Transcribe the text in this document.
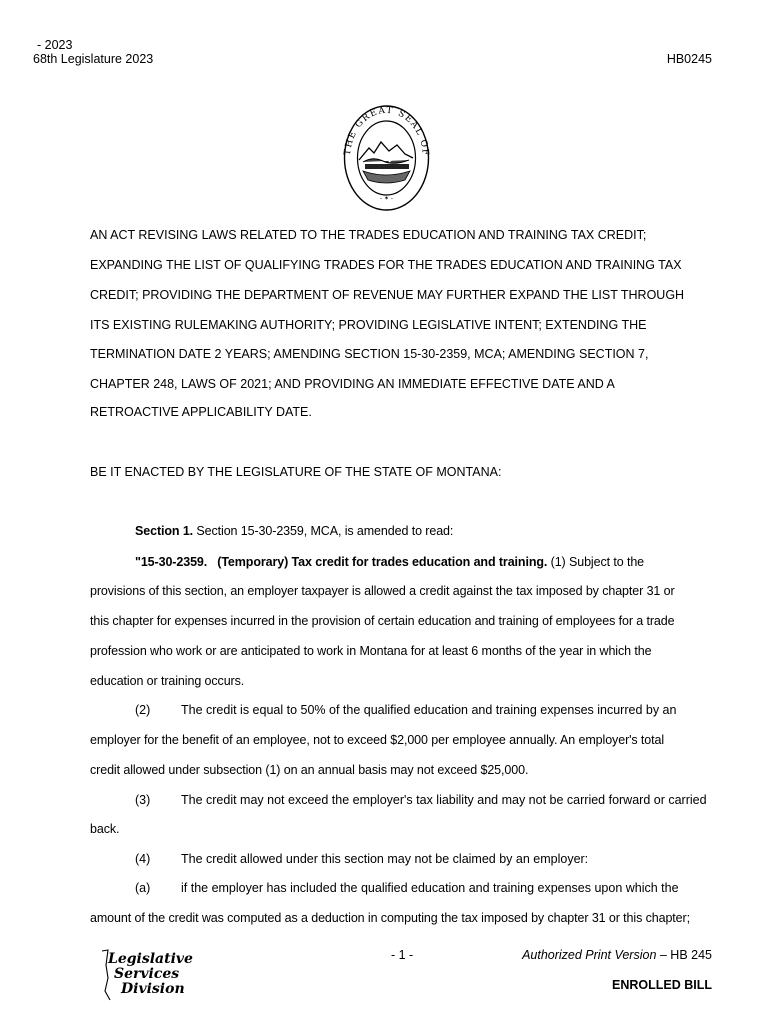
- 2023
68th Legislature 2023	HB0245
THE GREAT SEAL OF
- ✶ -
AN ACT REVISING LAWS RELATED TO THE TRADES EDUCATION AND TRAINING TAX CREDIT;
EXPANDING THE LIST OF QUALIFYING TRADES FOR THE TRADES EDUCATION AND TRAINING TAX
CREDIT; PROVIDING THE DEPARTMENT OF REVENUE MAY FURTHER EXPAND THE LIST THROUGH
ITS EXISTING RULEMAKING AUTHORITY; PROVIDING LEGISLATIVE INTENT; EXTENDING THE
TERMINATION DATE 2 YEARS; AMENDING SECTION 15-30-2359, MCA; AMENDING SECTION 7,
CHAPTER 248, LAWS OF 2021; AND PROVIDING AN IMMEDIATE EFFECTIVE DATE AND A
RETROACTIVE APPLICABILITY DATE.
BE IT ENACTED BY THE LEGISLATURE OF THE STATE OF MONTANA:
Section 1. Section 15-30-2359, MCA, is amended to read:
"15-30-2359.   (Temporary) Tax credit for trades education and training. (1) Subject to the
provisions of this section, an employer taxpayer is allowed a credit against the tax imposed by chapter 31 or
this chapter for expenses incurred in the provision of certain education and training of employees for a trade
profession who work or are anticipated to work in Montana for at least 6 months of the year in which the
education or training occurs.
(2) The credit is equal to 50% of the qualified education and training expenses incurred by an
employer for the benefit of an employee, not to exceed $2,000 per employee annually. An employer's total
credit allowed under subsection (1) on an annual basis may not exceed $25,000.
(3) The credit may not exceed the employer's tax liability and may not be carried forward or carried
back.
(4) The credit allowed under this section may not be claimed by an employer:
(a) if the employer has included the qualified education and training expenses upon which the
amount of the credit was computed as a deduction in computing the tax imposed by chapter 31 or this chapter;
Legislative
Services
Division
- 1 -	Authorized Print Version – HB 245
ENROLLED BILL
